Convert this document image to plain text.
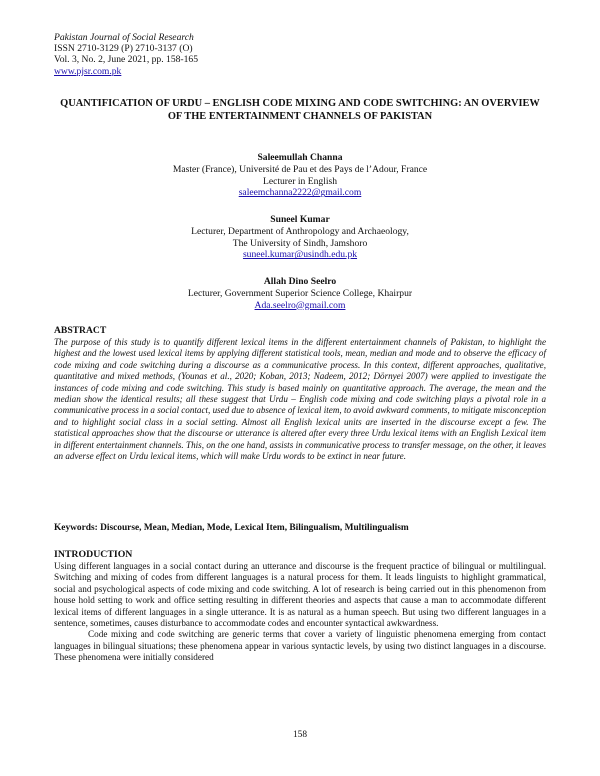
Pakistan Journal of Social Research
ISSN 2710-3129 (P) 2710-3137 (O)
Vol. 3, No. 2, June 2021, pp. 158-165
www.pjsr.com.pk
QUANTIFICATION OF URDU – ENGLISH CODE MIXING AND CODE SWITCHING: AN OVERVIEW OF THE ENTERTAINMENT CHANNELS OF PAKISTAN
Saleemullah Channa
Master (France), Université de Pau et des Pays de l’Adour, France
Lecturer in English
saleemchanna2222@gmail.com
Suneel Kumar
Lecturer, Department of Anthropology and Archaeology,
The University of Sindh, Jamshoro
suneel.kumar@usindh.edu.pk
Allah Dino Seelro
Lecturer, Government Superior Science College, Khairpur
Ada.seelro@gmail.com
ABSTRACT
The purpose of this study is to quantify different lexical items in the different entertainment channels of Pakistan, to highlight the highest and the lowest used lexical items by applying different statistical tools, mean, median and mode and to observe the efficacy of code mixing and code switching during a discourse as a communicative process. In this context, different approaches, qualitative, quantitative and mixed methods, (Younas et al., 2020; Koban, 2013; Nadeem, 2012; Dörnyei 2007) were applied to investigate the instances of code mixing and code switching. This study is based mainly on quantitative approach. The average, the mean and the median show the identical results; all these suggest that Urdu – English code mixing and code switching plays a pivotal role in a communicative process in a social contact, used due to absence of lexical item, to avoid awkward comments, to mitigate misconception and to highlight social class in a social setting. Almost all English lexical units are inserted in the discourse except a few. The statistical approaches show that the discourse or utterance is altered after every three Urdu lexical items with an English Lexical item in different entertainment channels. This, on the one hand, assists in communicative process to transfer message, on the other, it leaves an adverse effect on Urdu lexical items, which will make Urdu words to be extinct in near future.
Keywords: Discourse, Mean, Median, Mode, Lexical Item, Bilingualism, Multilingualism
INTRODUCTION

Using different languages in a social contact during an utterance and discourse is the frequent practice of bilingual or multilingual. Switching and mixing of codes from different languages is a natural process for them. It leads linguists to highlight grammatical, social and psychological aspects of code mixing and code switching. A lot of research is being carried out in this phenomenon from house hold setting to work and office setting resulting in different theories and aspects that cause a man to accommodate different lexical items of different languages in a single utterance. It is as natural as a human speech. But using two different languages in a sentence, sometimes, causes disturbance to accommodate codes and encounter syntactical awkwardness.

Code mixing and code switching are generic terms that cover a variety of linguistic phenomena emerging from contact languages in bilingual situations; these phenomena appear in various syntactic levels, by using two distinct languages in a discourse. These phenomena were initially considered

158
